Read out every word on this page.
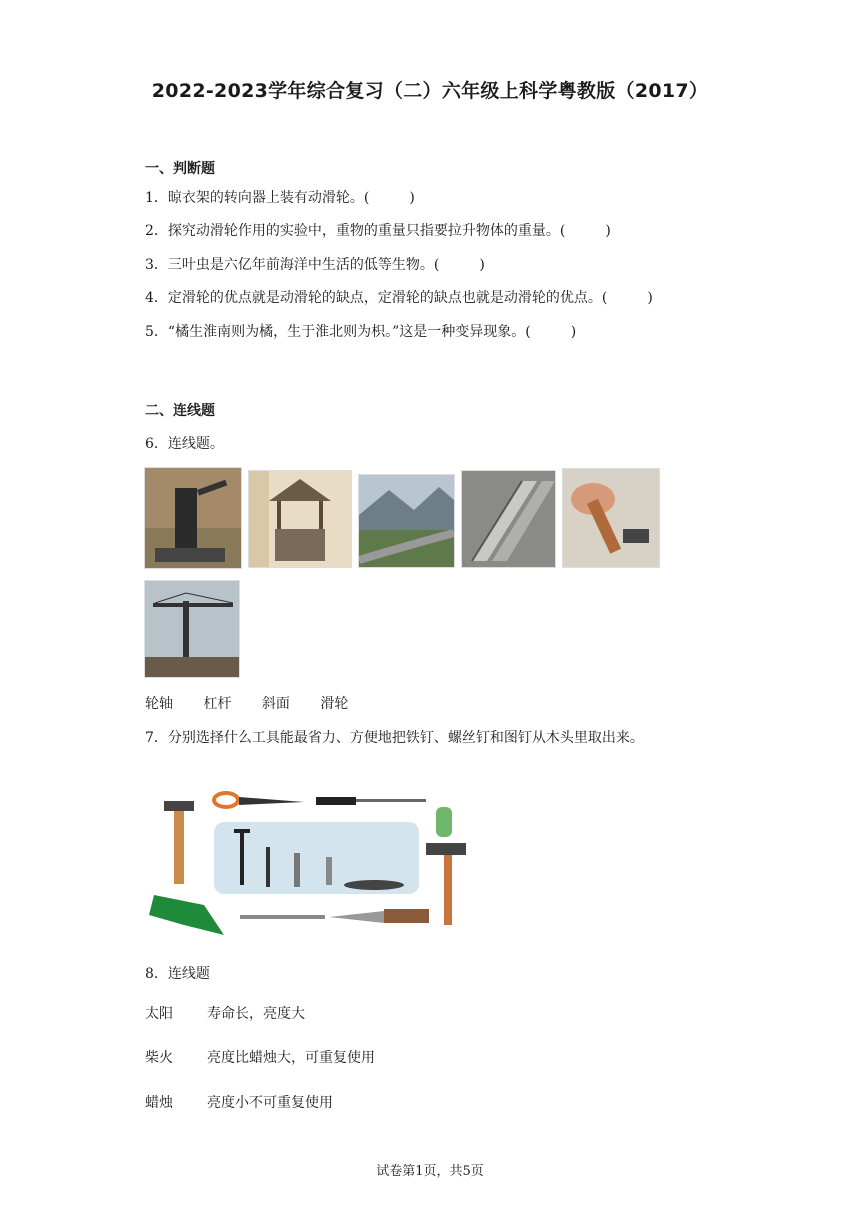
2022-2023学年综合复习（二）六年级上科学粤教版（2017）
一、判断题
1．晾衣架的转向器上装有动滑轮。(	)
2．探究动滑轮作用的实验中，重物的重量只指要拉升物体的重量。(	)
3．三叶虫是六亿年前海洋中生活的低等生物。(	)
4．定滑轮的优点就是动滑轮的缺点，定滑轮的缺点也就是动滑轮的优点。(	)
5．“橘生淮南则为橘，生于淮北则为枳。”这是一种变异现象。(	)
二、连线题
6．连线题。
轮轴 杠杆 斜面 滑轮
7．分别选择什么工具能最省力、方便地把铁钉、螺丝钉和图钉从木头里取出来。
8．连线题
太阳 寿命长，亮度大
柴火 亮度比蜡烛大，可重复使用
蜡烛 亮度小不可重复使用
试卷第1页，共5页
